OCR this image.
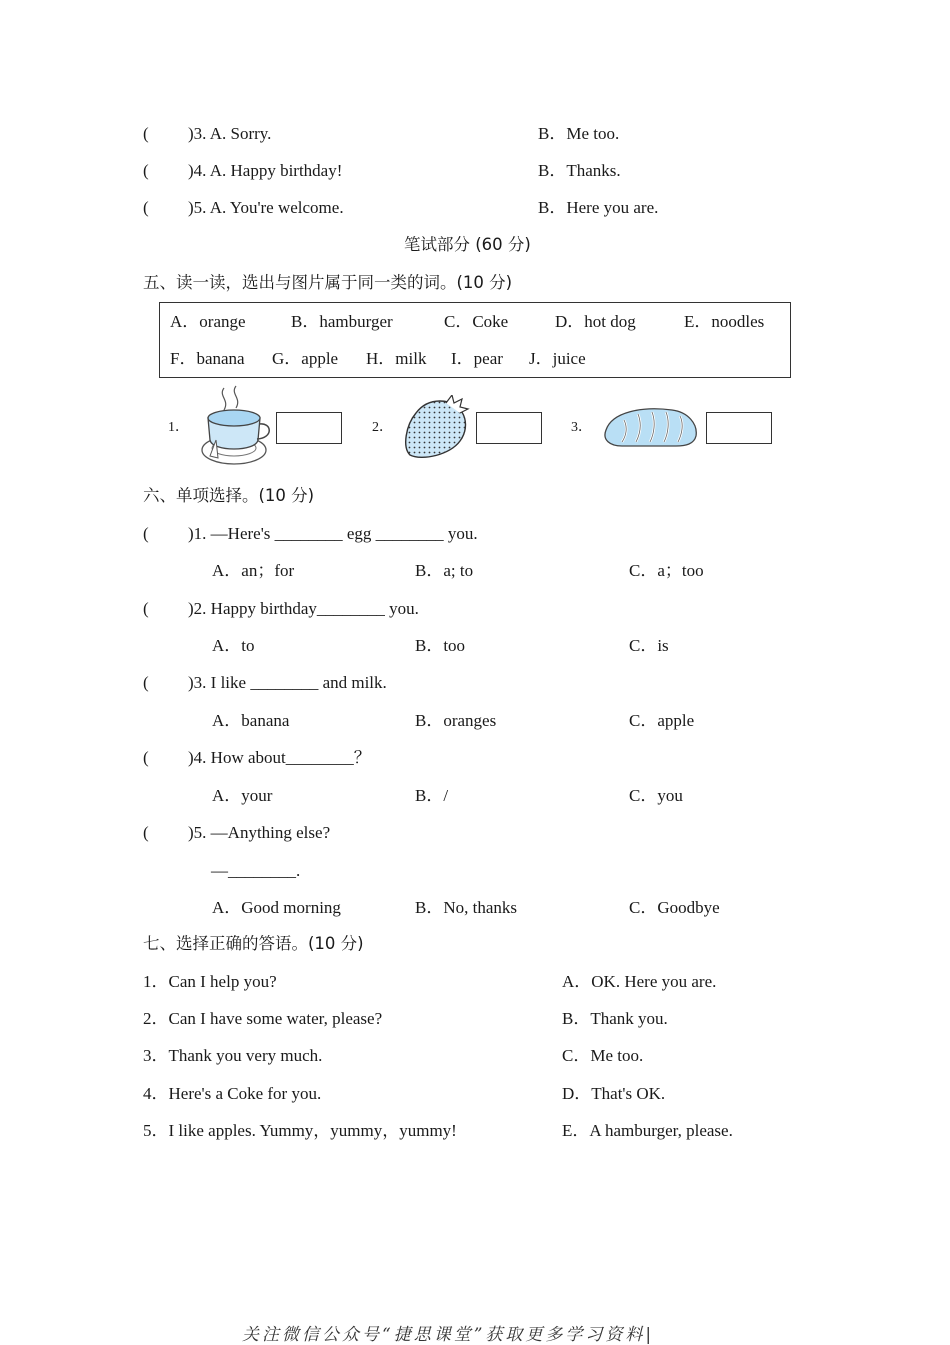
( )3. A. Sorry.	B．Me too.
( )4. A. Happy birthday!	B．Thanks.
( )5. A. You're welcome.	B．Here you are.
笔试部分 (60 分)
五、读一读，选出与图片属于同一类的词。(10 分)
A．orange	B．hamburger	C．Coke	D．hot dog	E．noodles
F．banana G．apple H．milk I．pear J．juice
1．	2．	3．
六、单项选择。(10 分)
( )1. —Here's ________ egg ________ you.
A．an；for	B．a; to	C．a；too
( )2. Happy birthday________ you.
A．to	B．too	C．is
( )3. I like ________ and milk.
A．banana	B．oranges	C．apple
( )4. How about________？
A．your	B．/	C．you
( )5. —Anything else?
—________.
A．Good morning	B．No, thanks	C．Goodbye
七、选择正确的答语。(10 分)
1．Can I help you?	A．OK. Here you are.
2．Can I have some water, please?	B．Thank you.
3．Thank you very much.	C．Me too.
4．Here's a Coke for you.	D．That's OK.
5．I like apples. Yummy，yummy，yummy!	E．A hamburger, please.
关注微信公众号“捷思课堂”获取更多学习资料|
